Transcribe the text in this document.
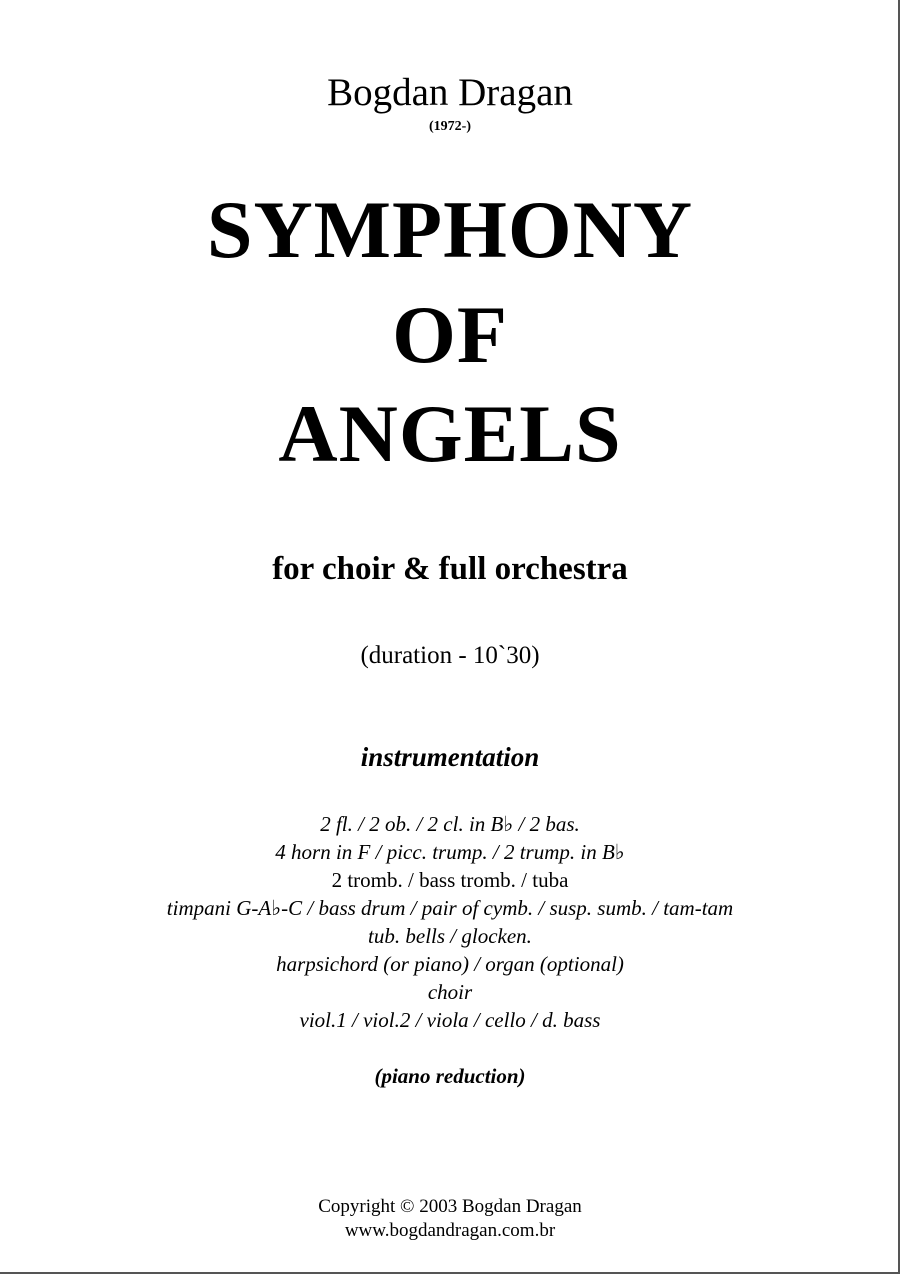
Bogdan Dragan
(1972-)
SYMPHONY
OF
ANGELS
for choir & full orchestra
(duration - 10`30)
instrumentation
2 fl. / 2 ob. / 2 cl. in B♭ / 2 bas.
4 horn in F / picc. trump. / 2 trump. in B♭
2 tromb. / bass tromb. / tuba
timpani G-A♭-C / bass drum / pair of cymb. / susp. sumb. / tam-tam
tub. bells / glocken.
harpsichord (or piano) / organ (optional)
choir
viol.1 / viol.2 / viola / cello / d. bass
(piano reduction)
Copyright © 2003 Bogdan Dragan
www.bogdandragan.com.br
